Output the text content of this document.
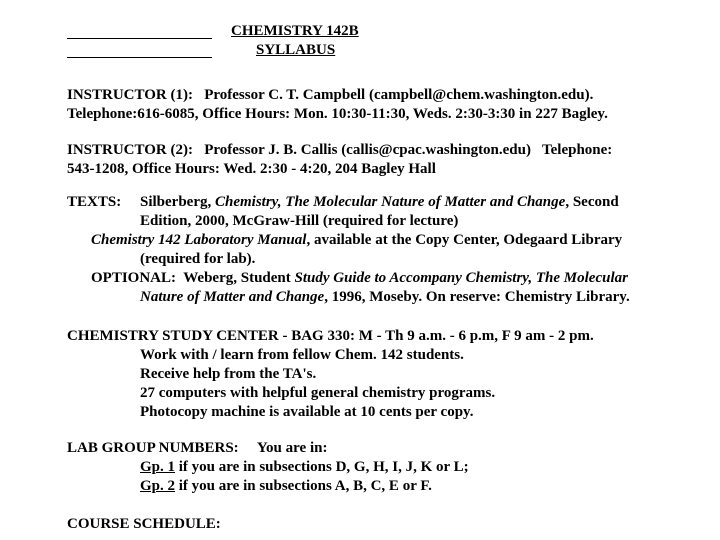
CHEMISTRY 142B
SYLLABUS
INSTRUCTOR (1): Professor C. T. Campbell (campbell@chem.washington.edu).
Telephone:616-6085, Office Hours: Mon. 10:30-11:30, Weds. 2:30-3:30 in 227 Bagley.
INSTRUCTOR (2): Professor J. B. Callis (callis@cpac.washington.edu) Telephone:
543-1208, Office Hours: Wed. 2:30 - 4:20, 204 Bagley Hall
TEXTS: Silberberg, Chemistry, The Molecular Nature of Matter and Change, Second
Edition, 2000, McGraw-Hill (required for lecture)
Chemistry 142 Laboratory Manual, available at the Copy Center, Odegaard Library
(required for lab).
OPTIONAL:  Weberg, Student Study Guide to Accompany Chemistry, The Molecular
Nature of Matter and Change, 1996, Moseby. On reserve: Chemistry Library.
CHEMISTRY STUDY CENTER - BAG 330: M - Th 9 a.m. - 6 p.m, F 9 am - 2 pm.
Work with / learn from fellow Chem. 142 students.
Receive help from the TA's.
27 computers with helpful general chemistry programs.
Photocopy machine is available at 10 cents per copy.
LAB GROUP NUMBERS: You are in:
Gp. 1 if you are in subsections D, G, H, I, J, K or L;
Gp. 2 if you are in subsections A, B, C, E or F.
COURSE SCHEDULE:
